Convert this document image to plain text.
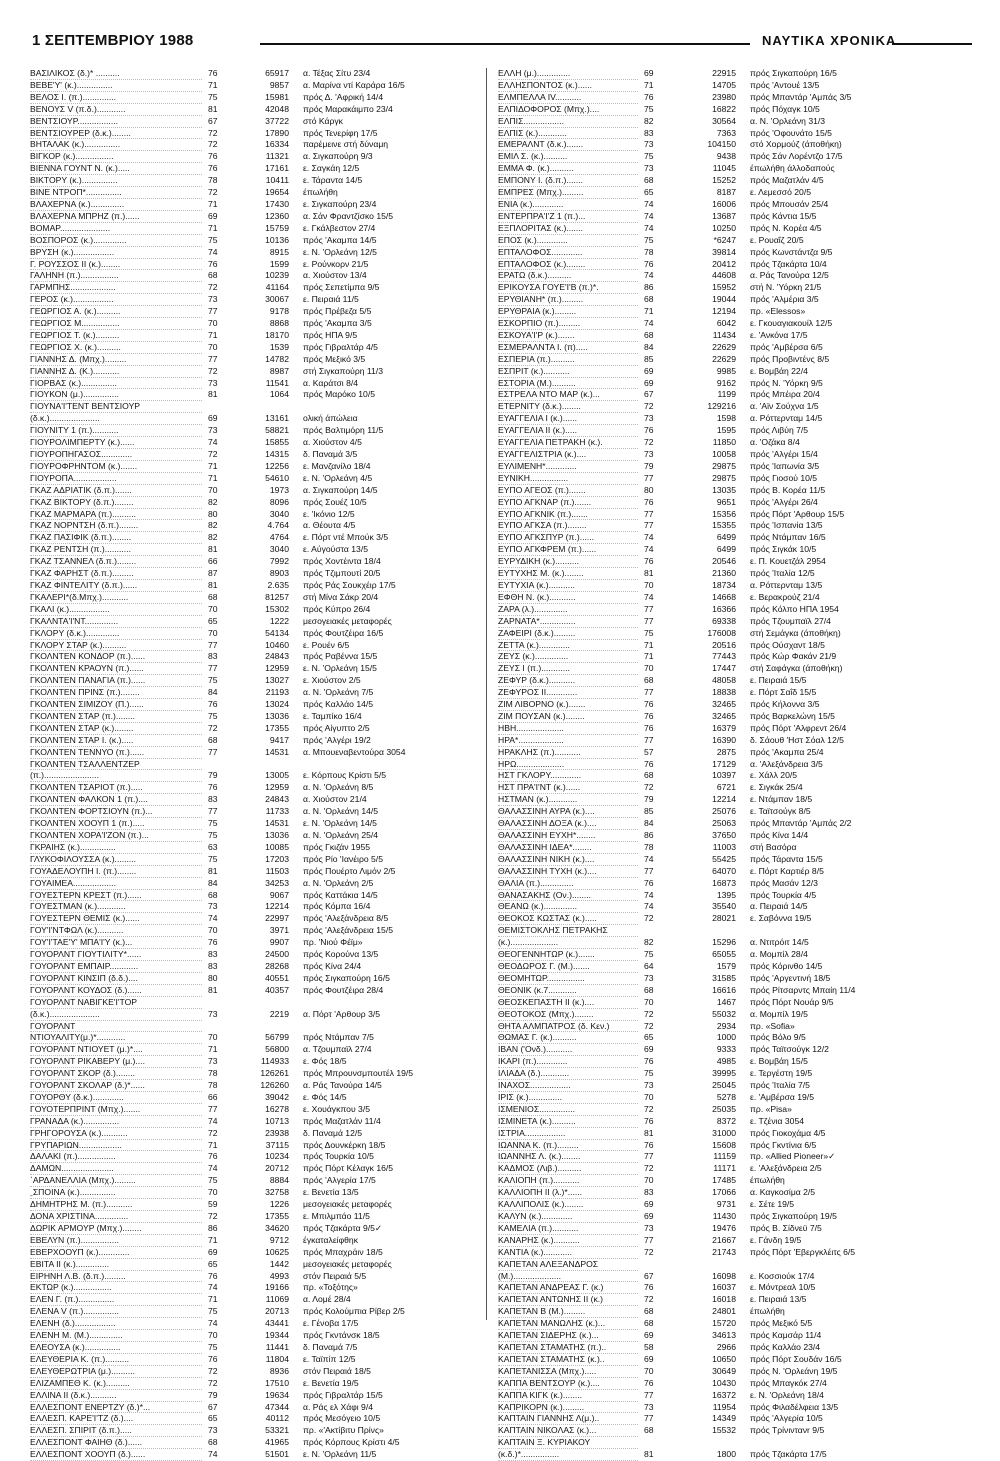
1 ΣΕΠΤΕΜΒΡΙΟΥ 1988	ΝΑΥΤΙΚΑ ΧΡΟΝΙΚΑ
ΒΑΣΙΛΙΚΟΣ (δ.)* ..........	76	65917	α. Τέξας Σίτυ 23/4
ΒΕΒΕ'Υ' (κ.)...............	71	9857	α. Μαρίνα ντί Καράρα 16/5
ΒΕΛΟΣ Ι. (π.)..............	75	15981	πρός Δ. 'Αφρική 14/4
ΒΕΝΟΥΣ V (π.δ.)............	81	42048	πρός Μαρακάιμπο 23/4
ΒΕΝΤΣΙΟΥΡ.................	67	37722	στό Κάργκ
ΒΕΝΤΣΙΟΥΡΕΡ (δ.κ.)........	72	17890	πρός Τενερίφη 17/5
ΒΗΤΑΛΑΚ (κ.)...............	72	16334	παρέμεινε στή δύναμη
ΒΙΓΚΟΡ (κ.)................	76	11321	α. Σιγκαπούρη 9/3
ΒΙΕΝΝΑ ΓΟΥΝΤ Ν. (κ.).....	76	17161	ε. Σαγκάη 12/5
ΒΙΚΤΟΡΥ (κ.)...............	78	10411	ε. Τάραντα 14/5
ΒΙΝΕ ΝΤΡΟΠ*...............	72	19654	έπωλήθη
ΒΛΑΧΕΡΝΑ (κ.)..............	71	17430	ε. Σιγκαπούρη 23/4
ΒΛΑΧΕΡΝΑ ΜΠΡΗΖ (π.)......	69	12360	α. Σάν Φραντζίσκο 15/5
ΒΟΜΑΡ.....................	71	15759	ε. Γκάλβεστον 27/4
ΒΟΣΠΟΡΟΣ (κ.)..............	75	10136	πρός 'Ακαμπα 14/5
ΒΡΥΣΗ (κ.).................	74	8915	ε. Ν. 'Ορλεάνη 12/5
Γ. ΡΟΥΣΣΟΣ ΙΙ (κ.)........	76	1599	ε. Ρούνκορν 21/5
ΓΑΛΗΝΗ (π.)................	68	10239	α. Χιούστον 13/4
ΓΑΡΜΠΗΣ...................	72	41164	πρός Σεπετίμπα 9/5
ΓΕΡΟΣ (κ.).................	73	30067	ε. Πειραιά 11/5
ΓΕΩΡΓΙΟΣ Α. (κ.)..........	77	9178	πρός Πρέβεζα 5/5
ΓΕΩΡΓΙΟΣ Μ................	70	8868	πρός 'Ακαμπα 3/5
ΓΕΩΡΓΙΟΣ Τ. (κ.)..........	71	18170	πρός ΗΠΑ 9/5
ΓΕΩΡΓΙΟΣ Χ. (κ.)..........	70	1539	πρός Γιβραλτάρ 4/5
ΓΙΑΝΝΗΣ Δ. (Μπχ.).........	77	14782	πρός Μεξικό 3/5
ΓΙΑΝΝΗΣ Δ. (Κ.)...........	72	8987	στή Σιγκαπούρη 11/3
ΓΙΟΡΒΑΣ (κ.)...............	73	11541	α. Καράτσι 8/4
ΓΙΟΥΚΟΝ (μ.)...............	81	1064	πρός Μαρόκο 10/5
ΓΙΟΥΝΑ'Ι'ΤΕΝΤ ΒΕΝΤΣΙΟΥΡ			
(δ.κ.).....................	69	13161	ολική άπώλεια
ΓΙΟΥΝΙΤΥ 1 (π.)...........	73	58821	πρός Βαλτιμόρη 11/5
ΓΙΟΥΡΟΛΙΜΠΕΡΤΥ (κ.)......	74	15855	α. Χιούστον 4/5
ΓΙΟΥΡΟΠΗΓΑΣΟΣ.............	72	14315	δ. Παναμά 3/5
ΓΙΟΥΡΟΦΡΗΝΤΟΜ (κ.).......	71	12256	ε. Μανζανίλο 18/4
ΓΙΟΥΡΟΠΑ..................	71	54610	ε. Ν. 'Ορλεάνη 4/5
ΓΚΑΖ ΑΔΡΙΑΤΙΚ (δ.π.).......	70	1973	α. Σιγκαπούρη 14/5
ΓΚΑΖ ΒΙΚΤΟΡΥ (δ.π.)........	82	8096	πρός Σουέζ 10/5
ΓΚΑΖ ΜΑΡΜΑΡΑ (π.)..........	80	3040	ε. 'Ικόνιο 12/5
ΓΚΑΖ ΝΟΡΝΤΣΗ (δ.π.)........	82	4.764	α. Θέουτα 4/5
ΓΚΑΖ ΠΑΣΙΦΙΚ (δ.π.)........	82	4764	ε. Πόρτ ντέ Μπούκ 3/5
ΓΚΑΖ ΡΕΝΤΣΗ (π.)...........	81	3040	ε. Αύγούστα 13/5
ΓΚΑΖ ΤΣΑΝΝΕΛ (δ.π.)........	66	7992	πρός Χοντέιντα 18/4
ΓΚΑΖ ΦΑΡΗΣΤ (δ.π.).........	87	8903	πρός Τζιμπουτί 20/5
ΓΚΑΖ ΦΙΝΤΕΛΙΤΥ (δ.π.)......	81	2.635	πρός Ράς Σουκχέιρ 17/5
ΓΚΑΛΕΡΙ*(δ.Μπχ.)...........	68	81257	στή Μίνα Σάκρ 20/4
ΓΚΑΛΙ (κ.).................	70	15302	πρός Κύπρο 26/4
ΓΚΑΛΝΤΑ'Ι'ΝΤ..............	65	1222	μεσογειακές μεταφορές
ΓΚΛΟΡΥ (δ.κ.)..............	70	54134	πρός Φουτζέιρα 16/5
ΓΚΛΟΡΥ ΣΤΑΡ (κ.)..........	77	10460	ε. Ρουέν 6/5
ΓΚΟΛΝΤΕΝ ΚΟΝΔΟΡ (π.)......	83	24843	πρός Ραβέννα 15/5
ΓΚΟΛΝΤΕΝ ΚΡΑΟΥΝ (π.)......	77	12959	ε. Ν. 'Ορλεάνη 15/5
ΓΚΟΛΝΤΕΝ ΠΑΝΑΓΙΑ (π.)......	75	13027	ε. Χιούστον 2/5
ΓΚΟΛΝΤΕΝ ΠΡΙΝΣ (π.)........	84	21193	α. Ν. 'Ορλεάνη 7/5
ΓΚΟΛΝΤΕΝ ΣΙΜΙΖΟΥ (Π.)......	76	13024	πρός Καλλάο 14/5
ΓΚΟΛΝΤΕΝ ΣΤΑΡ (π.)........	75	13036	ε. Ταμπίκο 16/4
ΓΚΟΛΝΤΕΝ ΣΤΑΡ (κ.)........	72	17355	πρός Αίγυπτο 2/5
ΓΚΟΛΝΤΕΝ ΣΤΑΡ Ι. (κ.).....	68	9417	πρός 'Αλγέρι 19/2
ΓΚΟΛΝΤΕΝ ΤΕΝΝΥΟ (π.)......	77	14531	α. Μπουεναβεντούρα 3054
ΓΚΟΛΝΤΕΝ ΤΣΑΛΛΕΝΤΖΕΡ			
(π.).......................	79	13005	ε. Κόρπους Κρίστι 5/5
ΓΚΟΛΝΤΕΝ ΤΣΑΡΙΟΤ (π.).....	76	12959	α. Ν. 'Ορλεάνη 8/5
ΓΚΟΛΝΤΕΝ ΦΑΛΚΟΝ 1 (π.)....	83	24843	α. Χιούστον 21/4
ΓΚΟΛΝΤΕΝ ΦΟΡΤΣΙΟΥΝ (π.)...	77	11733	α. Ν. 'Ορλεάνη 14/5
ΓΚΟΛΝΤΕΝ ΧΟΟΥΠ 1 (π.).....	75	14531	ε. Ν. 'Ορλεάνη 14/5
ΓΚΟΛΝΤΕΝ ΧΟΡΑ'Ι'ΖΟΝ (π.)...	75	13036	α. Ν. 'Ορλεάνη 25/4
ΓΚΡΑΙΗΣ (κ.)...............	63	10085	πρός Γκιζάν 1955
ΓΛΥΚΟΦΙΛΟΥΣΣΑ (κ.).........	75	17203	πρός Ρίο 'Ιανέιρο 5/5
ΓΟΥΑΔΕΛΟΥΠΗ Ι. (π.)........	81	11503	πρός Πουέρτο Λιμόν 2/5
ΓΟΥΑΙΜΕΑ..................	84	34253	α. Ν. 'Ορλεάνη 2/5
ΓΟΥΕΣΤΕΡΝ ΚΡΕΣΤ (π.)......	68	9067	πρός Καττάκια 14/5
ΓΟΥΕΣΤΜΑΝ (κ.)............	73	12214	πρός Κόμπα 16/4
ΓΟΥΕΣΤΕΡΝ ΘΕΜΙΣ (κ.)......	74	22997	πρός 'Αλεξάνδρεια 8/5
ΓΟΥ'Ι'ΝΤΦΩΛ (κ.)...........	70	3971	πρός 'Αλεξάνδρεια 15/5
ΓΟΥ'Ι'ΤΑΕ'Υ' ΜΠΑ'Ι'Υ (κ.)...	76	9907	πρ. 'Νιού Φέϊμ»
ΓΟΥΟΡΛΝΤ ΓΙΟΥΤΙΛΙΤΥ*......	83	24500	πρός Κορούνα 13/5
ΓΟΥΟΡΛΝΤ ΕΜΠΑΙΡ............	83	28268	πρός Κίνα 24/4
ΓΟΥΟΡΛΝΤ ΚΙΝΣΙΠ (δ.δ.)....	80	40551	πρός Σιγκαπούρη 16/5
ΓΟΥΟΡΛΝΤ ΚΟΥΔΟΣ (δ.)......	81	40357	πρός Φουτζέιρα 28/4
ΓΟΥΟΡΛΝΤ ΝΑΒΙΓΚΕ'Ι'ΤΟΡ			
(δ.κ.).....................	73	2219	α. Πόρτ 'Αρθουρ 3/5
ΓΟΥΟΡΛΝΤ			
ΝΤΙΟΥΑΛΙΤΥ(μ.)*............	70	56799	πρός Ντάμπαν 7/5
ΓΟΥΟΡΛΝΤ ΝΤΙΟΥΕΤ (μ.)*....	71	56800	α. Τζουμπαϊλ 27/4
ΓΟΥΟΡΛΝΤ ΡΙΚΑΒΕΡΥ (μ.)....	73	114933	ε. Φός 18/5
ΓΟΥΟΡΛΝΤ ΣΚΟΡ (δ.)........	78	126261	πρός Μπρουνσμπουτέλ 19/5
ΓΟΥΟΡΛΝΤ ΣΚΟΛΑΡ (δ.)*......	78	126260	α. Ράς Τανούρα 14/5
ΓΟΥΟΡΘΥ (δ.κ.).............	66	39042	ε. Φός 14/5
ΓΟΥΟΤΕΡΠΡΙΝΤ (Μπχ.).......	77	16278	ε. Χουάγκπου 3/5
ΓΡΑΝΑΔΑ (κ.)...............	74	10713	πρός Μαζατλάν 11/4
ΓΡΗΓΟΡΟΥΣΑ (κ.)...........	72	23938	δ. Παναμά 12/5
ΓΡΥΠΑΡΙΩΝ..................	71	37115	πρός Δουνκέρκη 18/5
ΔΑΛΑΚΙ (π.)................	76	10234	πρός Τουρκία 10/5
ΔΑΜΩΝ......................	74	20712	πρός Πόρτ Κέλαγκ 16/5
ˋΑΡΔΑΝΕΛΛΙΑ (Μπχ.).........	75	8884	πρός 'Αλγερία 17/5
ˍΣΠΟΙΝΑ (κ.)...............	70	32758	ε. Βενετία 13/5
ΔΗΜΗΤΡΗΣ Μ. (π.)...........	59	1226	μεσογειακές μεταφορές
ΔΟΝΑ ΧΡΙΣΤΙΝΑ..............	72	17355	ε. Μπιλμπάο 11/5
ΔΩΡΙΚ ΑΡΜΟΥΡ (Μπχ.)........	86	34620	πρός Τζακάρτα 9/5✓
ΕΒΕΛΥΝ (π.)................	71	9712	έγκαταλείφθηκ
ΕΒΕΡΧΟΟΥΠ (κ.).............	69	10625	πρός Μπαχράιν 18/5
ΕΒΙΤΑ ΙΙ (κ.)..............	65	1442	μεσογειακές μεταφορές
ΕΙΡΗΝΗ Λ.Β. (δ.π.).........	76	4993	στόν Πειραιά 5/5
ΕΚΤΩΡ (κ.)................	74	19166	πρ. «Τοξότης»
ΕΛΕΝ Γ. (π.)...............	71	11069	α. Λομέ 28/4
ΕΛΕΝΑ V (π.)...............	75	20713	πρός Κολούμπια Ρίβερ 2/5
ΕΛΕΝΗ (δ.).................	74	43441	ε. Γένοβα 17/5
ΕΛΕΝΗ Μ. (Μ.)..............	70	19344	πρός Γκντάνσκ 18/5
ΕΛΕΟΥΣΑ (κ.)...............	75	11441	δ. Παναμά 7/5
ΕΛΕΥΘΕΡΙΑ Κ. (π.)..........	76	11804	ε. Ταϊπίπ 12/5
ΕΛΕΥΘΕΡΩΤΡΙΑ (μ.)..........	72	8936	στόν Πειραιά 18/5
ΕΛΙΖΑΜΠΕΘ Κ. (κ.)..........	72	17510	ε. Βενετία 19/5
ΕΛΛΙΝΑ ΙΙ (δ.κ.)...........	79	19634	πρός Γιβραλτάρ 15/5
ΕΛΛΕΣΠΟΝΤ ΕΝΕΡΤΖΥ (δ.)*...	67	47344	α. Ράς ελ Χάφι 9/4
ΕΛΛΕΣΠ. ΚΑΡΕ'Ι'ΤΖ (δ.)....	65	40112	πρός Μεσόγειο 10/5
ΕΛΛΕΣΠ. ΣΠΙΡΙΤ (δ.π.).....	73	53321	πρ. «'Ακτίβιτυ Πρίνς»
ΕΛΛΕΣΠΟΝΤ ΦΑΙΗΘ (δ.)......	68	41965	πρός Κόρπους Κρίστι 4/5
ΕΛΛΕΣΠΟΝΤ ΧΟΟΥΠ (δ.)......	74	51501	ε. Ν. 'Ορλεάνη 11/5
ΕΛΛΗ (μ.)..............	69	22915	πρός Σιγκαπούρη 16/5
ΕΛΛΗΣΠΟΝΤΟΣ (κ.)......	71	14705	πρός 'Αντουέ 13/5
ΕΛΜΠΕΛΛΑ ΙV...........	76	23980	πρός Μπαντάρ 'Αμπάς 3/5
ΕΛΠΙΔΟΦΟΡΟΣ (Μπχ.)....	75	16822	πρός Πόχαγκ 10/5
ΕΛΠΙΣ.................	82	30564	α. Ν. 'Ορλεάνη 31/3
ΕΛΠΙΣ (κ.)............	83	7363	πρός 'Οφουνάτο 15/5
ΕΜΕΡΑΛΝΤ (δ.κ.).......	73	104150	στό Χορμούζ (άποθήκη)
ΕΜΙΛ Σ. (κ.)..........	75	9438	πρός Σάν Λορέντζο 17/5
ΕΜΜΑ Φ. (κ.)..........	73	11045	έπωλήθη άλλοδαπούς
ΕΜΠΟΝΥ Ι. (δ.π.).......	68	15252	πρός Μαζατλάν 4/5
ΕΜΠΡΕΣ (Μπχ.).........	65	8187	ε. Λεμεσσό 20/5
ΕΝΙΑ (κ.).............	74	16006	πρός Μπουσάν 25/4
ΕΝΤΕΡΠΡΑ'Ι'Ζ 1 (π.)...	74	13687	πρός Κάντια 15/5
ΕΞΠΛΟΡΙΤΑΣ (κ.).......	74	10250	πρός Ν. Κορέα 4/5
ΕΠΟΣ (κ.).............	75	*6247	ε. Ρουαΐζ 20/5
ΕΠΤΑΛΟΦΟΣ.............	78	39814	πρός Κωνστάντζα 9/5
ΕΠΤΑΛΟΦΟΣ (κ.)........	76	20412	πρός Τζακάρτα 10/4
ΕΡΑΤΩ (δ.κ.)..........	74	44608	α. Ράς Τανούρα 12/5
ΕΡΙΚΟΥΣΑ ΓΟΥΕ'Ι'Β (π.)*.	86	15952	στή Ν. 'Υόρκη 21/5
ΕΡΥΘΙΑΝΗ* (π.).........	68	19044	πρός 'Αλμέρια 3/5
ΕΡΥΘΡΑΙΑ (κ.).........	71	12194	πρ. «Elessos»
ΕΣΚΟΡΠΙΟ (π.).........	74	6042	ε. Γκουαγιακουίλ 12/5
ΕΣΚΟΥΑ'Ι'Ρ (κ.).......	68	11434	ε. 'Ανκόνα 17/5
ΕΣΜΕΡΑΛΝΤΑ Ι. (π).....	84	22629	πρός 'Αμβέρσα 6/5
ΕΣΠΕΡΙΑ (π.)..........	85	22629	πρός Προβιντένς 8/5
ΕΣΠΡΙΤ (κ.)...........	69	9985	ε. Βομβάη 22/4
ΕΣΤΟΡΙΑ (Μ.)..........	69	9162	πρός Ν. 'Υόρκη 9/5
ΕΣΤΡΕΛΑ ΝΤΟ ΜΑΡ (κ.)...	67	1199	πρός Μπέιρα 20/4
ΕΤΕΡΝΙΤΥ (δ.κ.)........	72	129216	α. 'Αϊν Σούχνα 1/5
ΕΥΑΓΓΕΛΙΑ Ι (κ.)......	73	1598	α. Ρόττερνταμ 14/5
ΕΥΑΓΓΕΛΙΑ ΙΙ (κ.).....	76	1595	πρός Λιβύη 7/5
ΕΥΑΓΓΕΛΙΑ ΠΕΤΡΑΚΗ (κ.).	72	11850	α. 'Οζάκα 8/4
ΕΥΑΓΓΕΛΙΣΤΡΙΑ (κ.)....	73	10058	πρός 'Αλγέρι 15/4
ΕΥΛΙΜΕΝΗ*.............	79	29875	πρός 'Ιαπωνία 3/5
ΕΥΝΙΚΗ................	77	29875	πρός Γιοσού 10/5
ΕΥΠΟ ΑΓΕΟΣ (π.).......	80	13035	πρός Β. Κορέα 11/5
ΕΥΠΟ ΑΓΚΝΑΡ (π.).......	76	9651	πρός 'Αλγέρι 26/4
ΕΥΠΟ ΑΓΚΝΙΚ (π.).......	77	15356	πρός Πόρτ 'Αρθουρ 15/5
ΕΥΠΟ ΑΓΚΣΑ (π.)........	77	15355	πρός 'Ισπανία 13/5
ΕΥΠΟ ΑΓΚΣΠΥΡ (π.)......	74	6499	πρός Ντάμπαν 16/5
ΕΥΠΟ ΑΓΚΦΡΕΜ (π.)......	74	6499	πρός Σιγκάκ 10/5
ΕΥΡΥΔΙΚΗ (κ.)..........	76	20546	ε. Π. Κουετζάλ 2954
ΕΥΤΥΧΗΣ Μ. (κ.)........	81	21360	πρός 'Ιταλία 12/5
ΕΥΤΥΧΙΑ (κ.)...........	70	18734	α. Ρόττερνταμ 13/5
ΕΦΘΗ Ν. (κ.)...........	74	14668	ε. Βερακρούζ 21/4
ΖΑΡΑ (λ.)..............	77	16366	πρός Κόλπο ΗΠΑ 1954
ΖΑΡΝΑΤΑ*...............	77	69338	πρός Τζουμπαϊλ 27/4
ΖΑΦΕΙΡΙ (δ.κ.).........	75	176008	στή Σεμάγκα (άποθήκη)
ΖΕΤΤΑ (κ.).............	71	20516	πρός Ούσχαντ 18/5
ΖΕΥΣ (κ.)..............	71	77443	πρός Κώρ Φακάν 21/9
ΖΕΥΣ Ι (π.)............	70	17447	στή Σαφάγκα (άποθήκη)
ΖΕΦΥΡ (δ.κ.)...........	68	48058	ε. Πειραιά 15/5
ΖΕΦΥΡΟΣ ΙΙ.............	77	18838	ε. Πόρτ Σαΐδ 15/5
ΖΙΜ ΛΙΒΟΡΝΟ (κ.).......	76	32465	πρός Κήλοννα 3/5
ΖΙΜ ΠΟΥΣΑΝ (κ.)........	76	32465	πρός Βαρκελώνη 15/5
ΗΒΗ....................	76	16379	πρός Πόρτ 'Αλφρεντ 26/4
ΗΡΑ*...................	77	16390	δ. Σάουθ 'Ηστ Σόαλ 12/5
ΗΡΑΚΛΗΣ (π.)...........	57	2875	πρός 'Ακαμπα 25/4
ΗΡΩ....................	76	17129	α. 'Αλεξάνδρεια 3/5
ΗΣΤ ΓΚΛΟΡΥ.............	68	10397	ε. Χάλλ 20/5
ΗΣΤ ΠΡΑ'Ι'ΝΤ (κ.)......	72	6721	ε. Σιγκάκ 25/4
ΗΣΤΜΑΝ (κ.)............	79	12214	ε. Ντάμπαν 18/5
ΘΑΛΑΣΣΙΝΗ ΑΥΡΑ (κ.)....	85	25076	ε. Ταϊτσούγκ 8/5
ΘΑΛΑΣΣΙΝΗ ΔΟΞΑ (κ.)....	84	25063	πρός Μπαντάρ 'Αμπάς 2/2
ΘΑΛΑΣΣΙΝΗ ΕΥΧΗ*........	86	37650	πρός Κίνα 14/4
ΘΑΛΑΣΣΙΝΗ ΙΔΕΑ*........	78	11003	στή Βασόρα
ΘΑΛΑΣΣΙΝΗ ΝΙΚΗ (κ.)....	74	55425	πρός Τάραντα 15/5
ΘΑΛΑΣΣΙΝΗ ΤΥΧΗ (κ.)....	77	64070	ε. Πόρτ Καρτιέρ 8/5
ΘΑΛΙΑ (π.)..............	76	16873	πρός Μασάν 12/3
ΘΑΝΑΣΑΚΗΣ (Ον.)........	74	1395	πρός Τουρκία 4/5
ΘΕΑΝΩ (κ.)..............	74	35540	α. Πειραιά 14/5
ΘΕΟΚΟΣ ΚΩΣΤΑΣ (κ.).....	72	28021	ε. Σαβόννα 19/5
ΘΕΜΙΣΤΟΚΛΗΣ ΠΕΤΡΑΚΗΣ			
(κ.)....................	82	15296	α. Ντιτρόιτ 14/5
ΘΕΟΓΕΝΝΗΤΩΡ (κ.).......	75	65055	α. Μομπίλ 28/4
ΘΕΟΔΩΡΟΣ Γ. (Μ.).......	64	1579	πρός Κόρινθο 14/5
ΘΕΟΜΗΤΩΡ................	73	31585	πρός 'Αργεντινή 18/5
ΘΕΟΝΙΚ (κ.7............	68	16616	πρός Ρίτσαρντς Μπαίη 11/4
ΘΕΟΣΚΕΠΑΣΤΗ ΙΙ (κ.)....	70	1467	πρός Πόρτ Νουάρ 9/5
ΘΕΟΤΟΚΟΣ (Μπχ.)........	72	55032	α. Μομπίλ 19/5
ΘΗΤΑ ΑΛΜΠΑΤΡΟΣ (δ. Κεν.)	72	2934	πρ. «Sofia»
ΘΩΜΑΣ Γ. (κ.)..........	65	1000	πρός Βόλο 9/5
ΙΒΑΝ ('Ονδ.)...........	69	9333	πρός Ταϊτσούγκ 12/2
ΙΚΑΡΙ (π.).............	76	4985	ε. Βομβάη 15/5
ΙΛΙΑΔΑ (δ.)............	75	39995	ε. Τεργέστη 19/5
ΙΝΑΧΟΣ.................	73	25045	πρός 'Ιταλία 7/5
ΙΡΙΣ (κ.)..............	70	5278	ε. 'Αμβέρσα 19/5
ΙΣΜΕΝΙΟΣ...............	72	25035	πρ. «Pisa»
ΙΣΜΙΝΕΤΑ (κ.)..........	76	8372	ε. Τζένια 3054
ΙΣΤΡΙΑ.................	81	31000	πρός Γιοκοχάμα 4/5
ΙΩΑΝΝΑ Κ. (π.).........	76	15608	πρός Γκντίνια 6/5
ΙΩΑΝΝΗΣ Λ. (κ.)........	77	11159	πρ. «Allied Pioneer»✓
ΚΑΔΜΟΣ (Λιβ.)..........	72	11171	ε. 'Αλεξάνδρεια 2/5
ΚΑΛΙΟΠΗ (π.)...........	70	17485	έπωλήθη
ΚΑΛΛΙΟΠΗ ΙΙ (λ.)*......	83	17066	α. Καγκοσίμα 2/5
ΚΑΛΛΙΠΟΛΙΣ (κ.)........	69	9731	ε. Σέτε 19/5
ΚΑΛΥΝ (κ.).............	69	11430	πρός Σιγκαπούρη 19/5
ΚΑΜΕΛΙΑ (π.)...........	73	19476	πρός Β. Σίδνεϋ 7/5
ΚΑΝΑΡΗΣ (κ.)...........	77	21667	ε. Γάνδη 19/5
ΚΑΝΤΙΑ (κ.)............	72	21743	πρός Πόρτ 'Εβεργκλέιτς 6/5
ΚΑΠΕΤΑΝ ΑΛΕΞΑΝΔΡΟΣ			
(Μ.)....................	67	16098	ε. Κοσσιούκ 17/4
ΚΑΠΕΤΑΝ ΑΝΔΡΕΑΣ Γ. (κ.)	76	16037	ε. Μόντρεαλ 10/5
ΚΑΠΕΤΑΝ ΑΝΤΩΝΗΣ ΙΙ (κ.)	72	16018	ε. Πειραιά 13/5
ΚΑΠΕΤΑΝ Β (Μ.).........	68	24801	έπωλήθη
ΚΑΠΕΤΑΝ ΜΑΝΩΛΗΣ (κ.)...	68	15720	πρός Μεξικό 5/5
ΚΑΠΕΤΑΝ ΣΙΔΕΡΗΣ (κ.)...	69	34613	πρός Καμσάρ 11/4
ΚΑΠΕΤΑΝ ΣΤΑΜΑΤΗΣ (π.)..	58	2966	πρός Καλλάο 23/4
ΚΑΠΕΤΑΝ ΣΤΑΜΑΤΗΣ (κ.)..	69	10650	πρός Πόρτ Σουδάν 16/5
ΚΑΠΕΤΑΝΙΣΣΑ (Μπχ.).....	70	30649	πρός Ν. 'Ορλεάνη 19/5
ΚΑΠΠΑ ΒΕΝΤΣΟΥΡ (κ.)....	76	10430	πρός Μπαγκόκ 27/4
ΚΑΠΠΑ ΚΙΓΚ (κ.)........	77	16372	ε. Ν. 'Ορλεάνη 18/4
ΚΑΠΡΙΚΟΡΝ (κ.).........	73	11954	πρός Φιλαδέλφεια 13/5
ΚΑΠΤΑΙΝ ΓΙΑΝΝΗΣ Λ(μ.)..	77	14349	πρός 'Αλγερία 10/5
ΚΑΠΤΑΙΝ ΝΙΚΟΛΑΣ (κ.)...	68	15532	πρός Τρίνιντανr 9/5
ΚΑΠΤΑΙΝ Ξ. ΚΥΡΙΑΚΟΥ			
(κ.δ.)*................	81	1800	πρός Τζακάρτα 17/5
